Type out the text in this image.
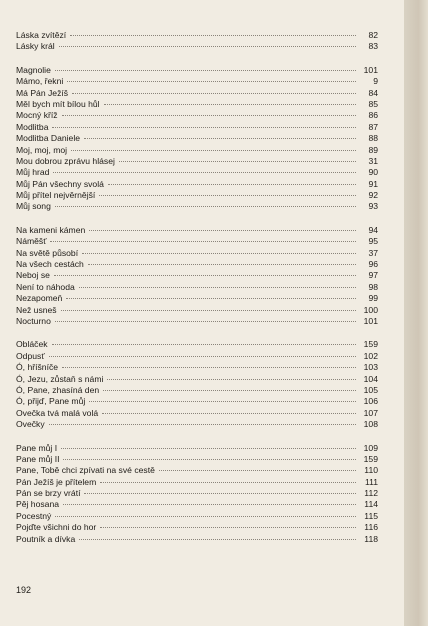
Láska zvítězí	82
Lásky král	83
Magnolie	101
Mámo, řekni	9
Má Pán Ježíš	84
Měl bych mít bílou hůl	85
Mocný kříž	86
Modlitba	87
Modlitba Daniele	88
Moj, moj, moj	89
Mou dobrou zprávu hlásej	31
Můj hrad	90
Můj Pán všechny svolá	91
Můj přítel nejvěrnější	92
Můj song	93
Na kameni kámen	94
Náměšť	95
Na světě působí	37
Na všech cestách	96
Neboj se	97
Není to náhoda	98
Nezapomeň	99
Než usneš	100
Nocturno	101
Obláček	159
Odpusť	102
Ó, hříšníče	103
Ó, Jezu, zůstaň s námi	104
Ó, Pane, zhasíná den	105
Ó, přijď, Pane můj	106
Ovečka tvá malá volá	107
Ovečky	108
Pane můj I	109
Pane můj II	159
Pane, Tobě chci zpívati na své cestě	110
Pán Ježíš je přítelem	111
Pán se brzy vrátí	112
Pěj hosana	114
Pocestný	115
Pojďte všichni do hor	116
Poutník a dívka	118
192
